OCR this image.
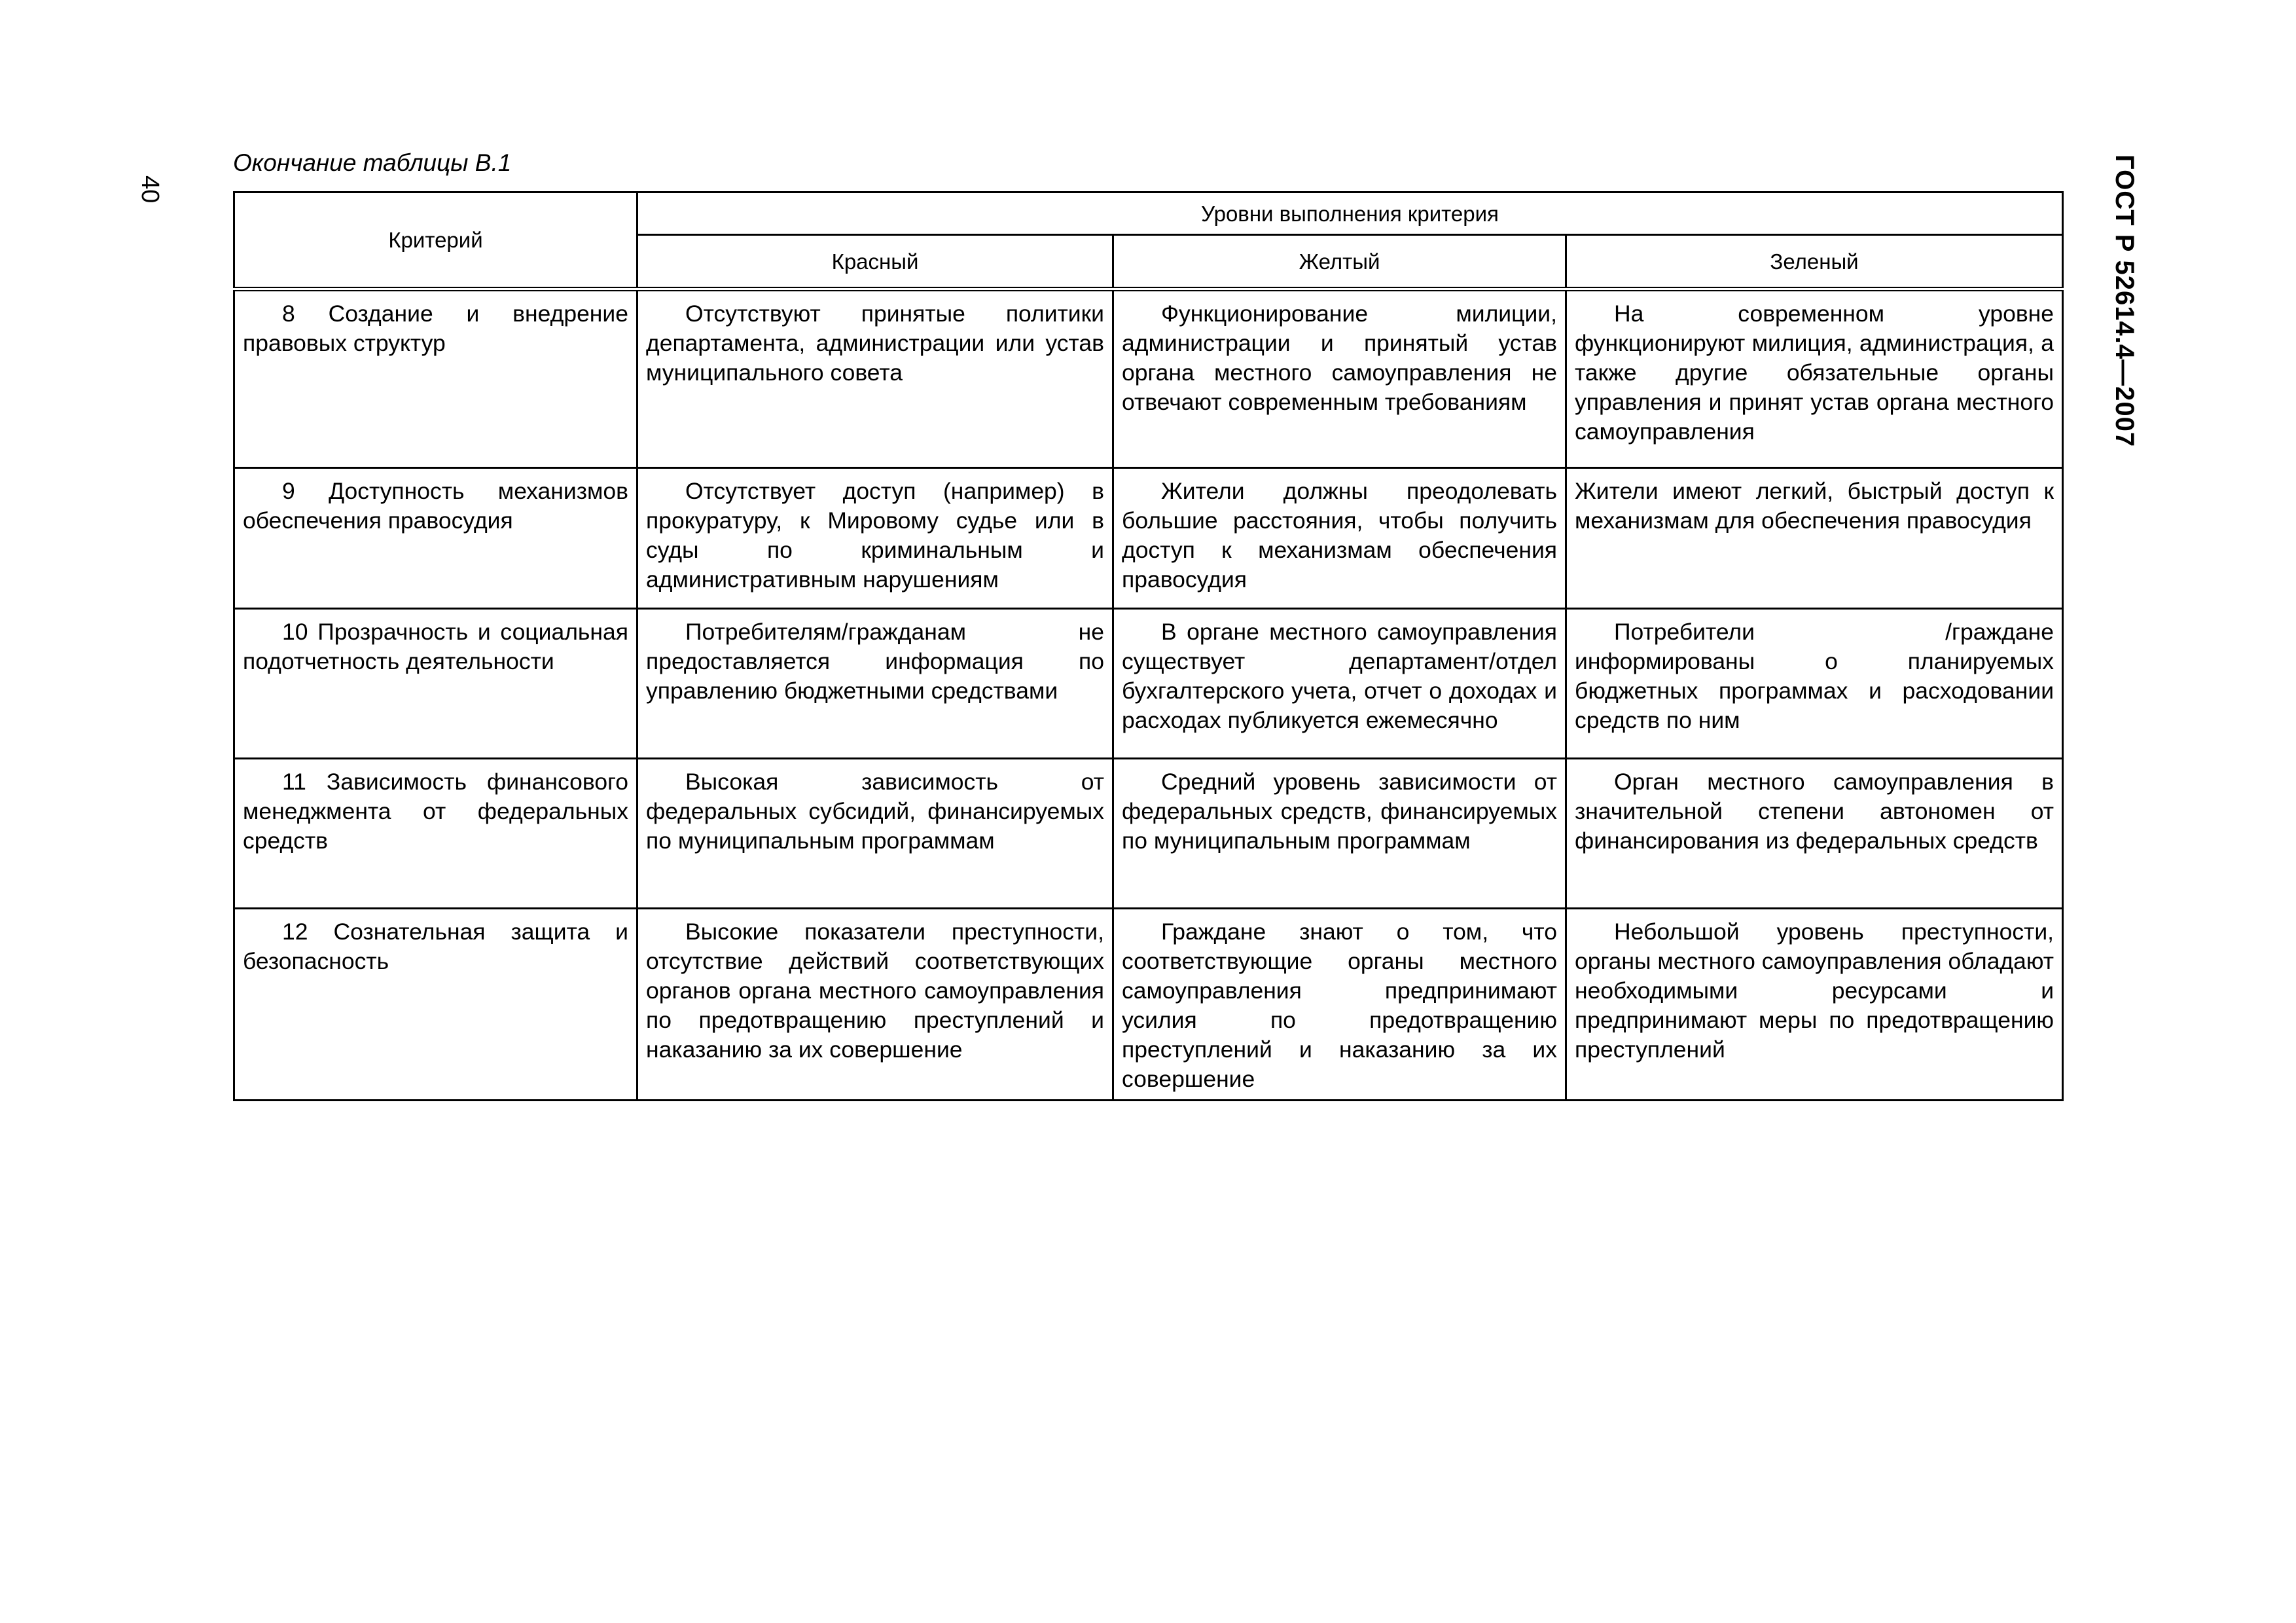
40	ГОСТ Р 52614.4—2007
Окончание таблицы В.1
Критерий	Уровни выполнения критерия		
	Красный	Желтый	Зеленый

8 Создание и внедрение правовых структур	Отсутствуют принятые политики департамента, администрации или устав муниципального совета	Функционирование милиции, администрации и принятый устав органа местного самоуправления не отвечают современным требованиям	На современном уровне функционируют милиция, администрация, а также другие обязательные органы управления и принят устав органа местного самоуправления

9 Доступность механизмов обеспечения правосудия	Отсутствует доступ (например) в прокуратуру, к Мировому судье или в суды по криминальным и административным нарушениям	Жители должны преодолевать большие расстояния, чтобы получить доступ к механизмам обеспечения правосудия	Жители имеют легкий, быстрый доступ к механизмам для обеспечения правосудия

10 Прозрачность и социальная подотчетность деятельности	Потребителям/гражданам не предоставляется информация по управлению бюджетными средствами	В органе местного самоуправления существует департамент/отдел бухгалтерского учета, отчет о доходах и расходах публикуется ежемесячно	Потребители /граждане информированы о планируемых бюджетных программах и расходовании средств по ним

11 Зависимость финансового менеджмента от федеральных средств	Высокая зависимость от федеральных субсидий, финансируемых по муниципальным программам	Средний уровень зависимости от федеральных средств, финансируемых по муниципальным программам	Орган местного самоуправления в значительной степени автономен от финансирования из федеральных средств

12 Сознательная защита и безопасность	Высокие показатели преступности, отсутствие действий соответствующих органов органа местного самоуправления по предотвращению преступлений и наказанию за их совершение	Граждане знают о том, что соответствующие органы местного самоуправления предпринимают усилия по предотвращению преступлений и наказанию за их совершение	Небольшой уровень преступности, органы местного самоуправления обладают необходимыми ресурсами и предпринимают меры по предотвращению преступлений
